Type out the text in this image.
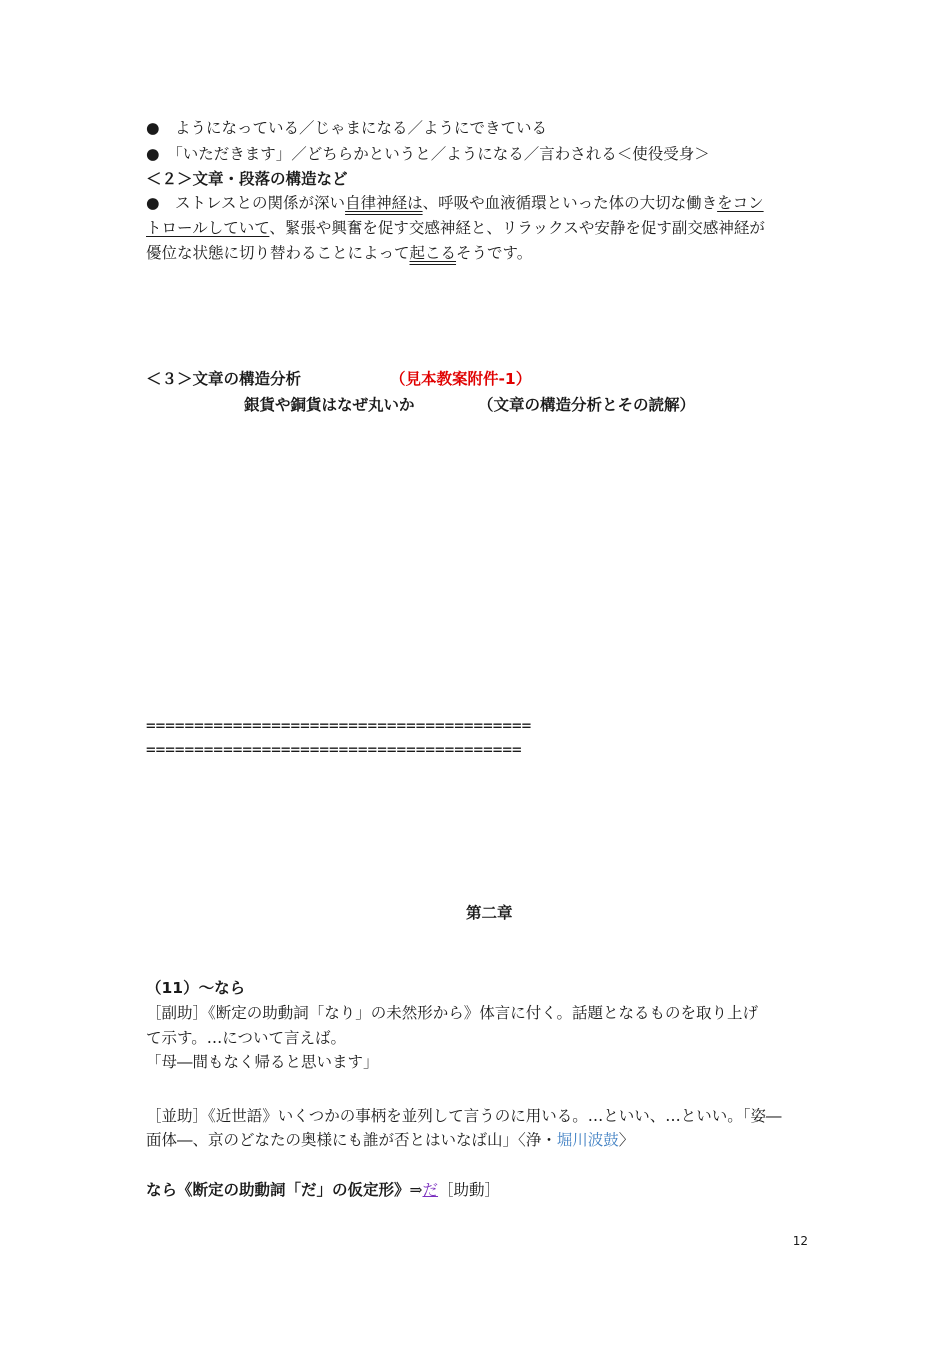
●　ようになっている／じゃまになる／ようにできている
●　「いただきます」／どちらかというと／ようになる／言わされる＜使役受身＞
＜２＞文章・段落の構造など
●　ストレスとの関係が深い自律神経は、呼吸や血液循環といった体の大切な働きをコン
トロールしていて、緊張や興奮を促す交感神経と、リラックスや安静を促す副交感神経が
優位な状態に切り替わることによって起こるそうです。
＜３＞文章の構造分析	（見本教案附件-1）
銀貨や銅貨はなぜ丸いか	（文章の構造分析とその読解）
========================================
=======================================
第二章
（11）～なら
［副助］《断定の助動詞「なり」の未然形から》体言に付く。話題となるものを取り上げ
て示す。…について言えば。
「母―間もなく帰ると思います」
［並助］《近世語》いくつかの事柄を並列して言うのに用いる。…といい、…といい。「姿―
面体―、京のどなたの奥様にも誰が否とはいなば山」〈浄・堀川波鼓〉
なら《断定の助動詞「だ」の仮定形》⇒だ［助動］
12
